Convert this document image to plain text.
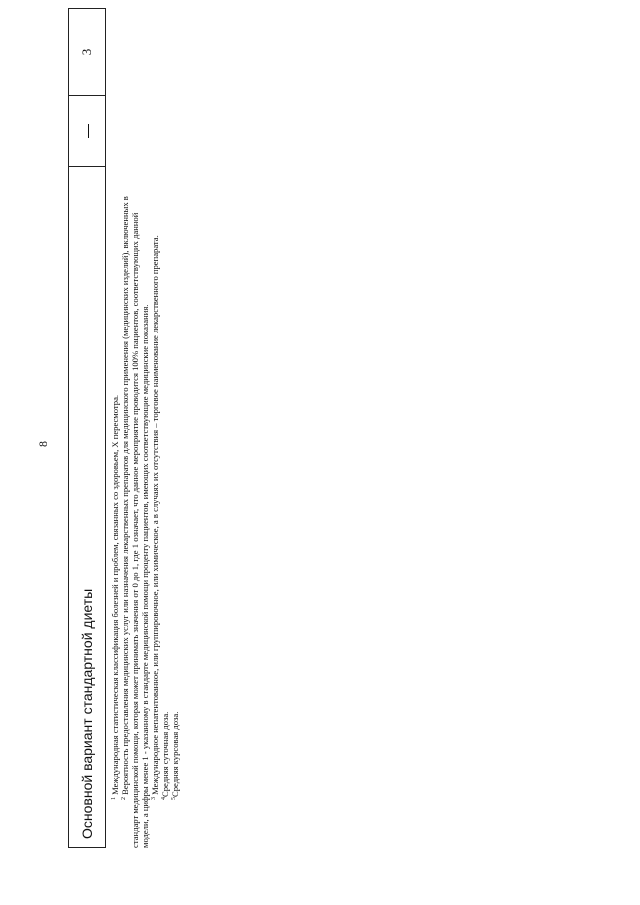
8
Основной вариант стандартной диеты		3
$^1$ Международная статистическая классификация болезней и проблем, связанных со здоровьем, X пересмотра.
$^2$ Вероятность предоставления медицинских услуг или назначения лекарственных препаратов для медицинского применения (медицинских изделий), включенных в стандарт медицинской помощи, которая может принимать значения от 0 до 1, где 1 означает, что данное мероприятие проводится 100% пациентов, соответствующих данной модели, а цифры менее 1 - указанному в стандарте медицинской помощи проценту пациентов, имеющих соответствующие медицинские показания. $^3$ Международное непатентованное, или группировочное, или химическое, а в случаях их отсутствия – торговое наименование лекарственного препарата.
$^4$Средняя суточная доза.
$^5$Средняя курсовая доза.
